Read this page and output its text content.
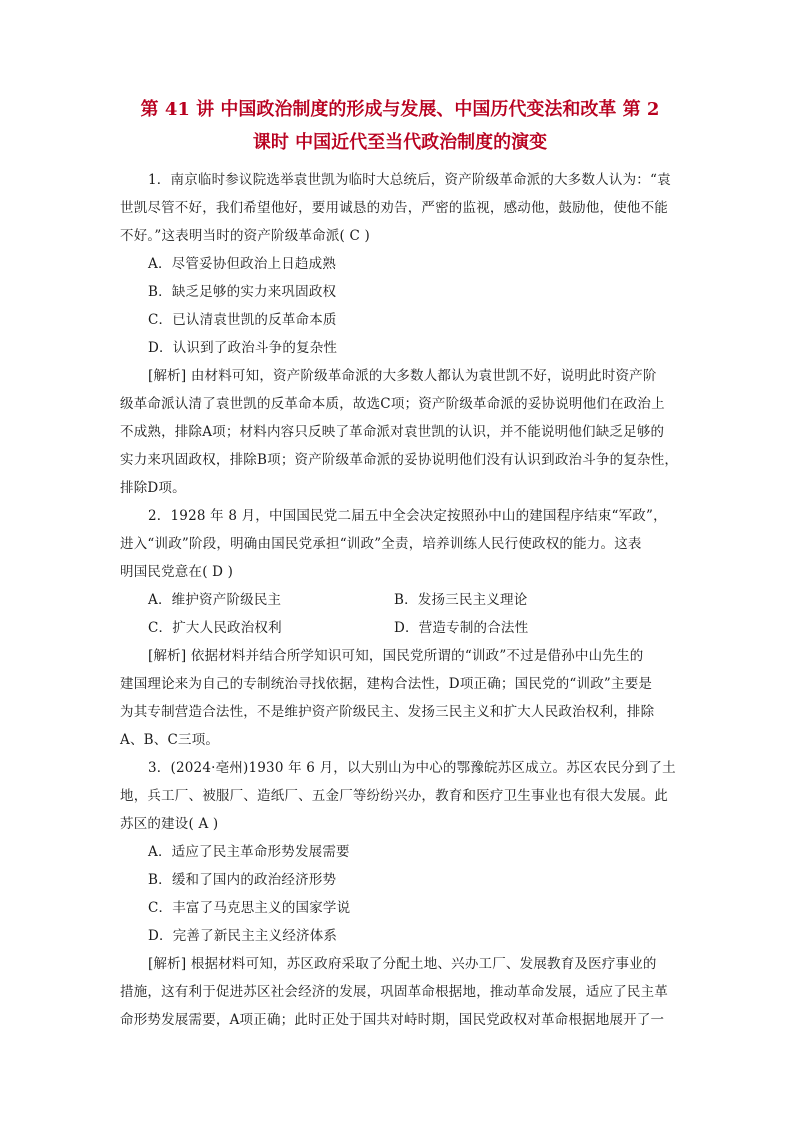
第 41 讲 中国政治制度的形成与发展、中国历代变法和改革 第 2
课时 中国近代至当代政治制度的演变
1．南京临时参议院选举袁世凯为临时大总统后，资产阶级革命派的大多数人认为：“袁
世凯尽管不好，我们希望他好，要用诚恳的劝告，严密的监视，感动他，鼓励他，使他不能
不好。”这表明当时的资产阶级革命派( C )
A．尽管妥协但政治上日趋成熟
B．缺乏足够的实力来巩固政权
C．已认清袁世凯的反革命本质
D．认识到了政治斗争的复杂性
[解析] 由材料可知，资产阶级革命派的大多数人都认为袁世凯不好，说明此时资产阶
级革命派认清了袁世凯的反革命本质，故选C项；资产阶级革命派的妥协说明他们在政治上
不成熟，排除A项；材料内容只反映了革命派对袁世凯的认识，并不能说明他们缺乏足够的
实力来巩固政权，排除B项；资产阶级革命派的妥协说明他们没有认识到政治斗争的复杂性，
排除D项。
2．1928 年 8 月，中国国民党二届五中全会决定按照孙中山的建国程序结束“军政”，
进入“训政”阶段，明确由国民党承担“训政”全责，培养训练人民行使政权的能力。这表
明国民党意在( D )
A．维护资产阶级民主	B．发扬三民主义理论
C．扩大人民政治权利	D．营造专制的合法性
[解析] 依据材料并结合所学知识可知，国民党所谓的“训政”不过是借孙中山先生的
建国理论来为自己的专制统治寻找依据，建构合法性，D项正确；国民党的“训政”主要是
为其专制营造合法性，不是维护资产阶级民主、发扬三民主义和扩大人民政治权利，排除
A、B、C三项。
3．(2024·亳州)1930 年 6 月，以大别山为中心的鄂豫皖苏区成立。苏区农民分到了土
地，兵工厂、被服厂、造纸厂、五金厂等纷纷兴办，教育和医疗卫生事业也有很大发展。此
苏区的建设( A )
A．适应了民主革命形势发展需要
B．缓和了国内的政治经济形势
C．丰富了马克思主义的国家学说
D．完善了新民主主义经济体系
[解析] 根据材料可知，苏区政府采取了分配土地、兴办工厂、发展教育及医疗事业的
措施，这有利于促进苏区社会经济的发展，巩固革命根据地，推动革命发展，适应了民主革
命形势发展需要，A项正确；此时正处于国共对峙时期，国民党政权对革命根据地展开了一
